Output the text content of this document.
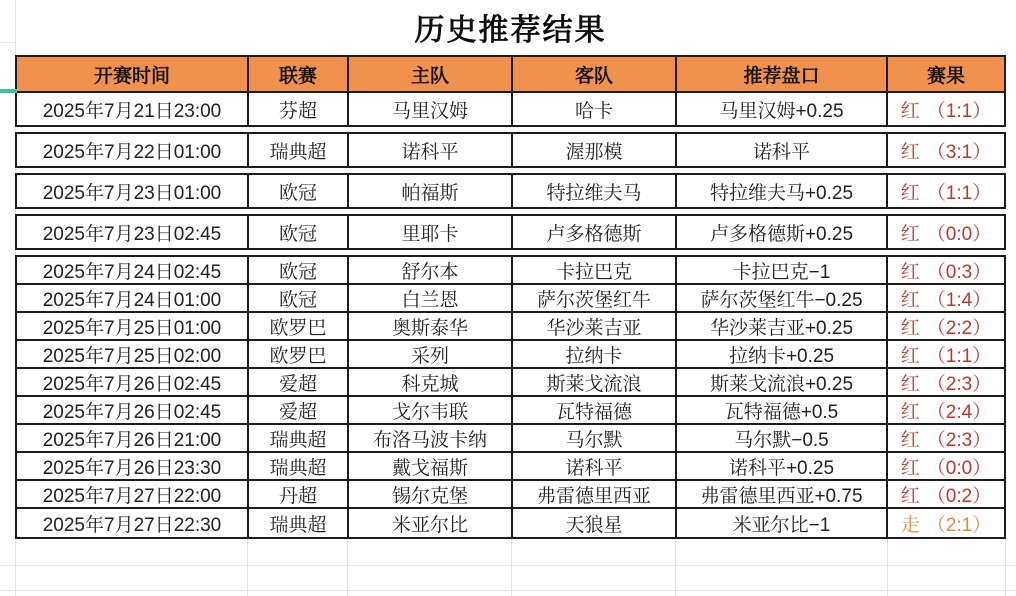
历史推荐结果
开赛时间	联赛	主队	客队	推荐盘口	赛果
2025年7月21日23:00	芬超	马里汉姆	哈卡	马里汉姆+0.25	红 （1:1）
2025年7月22日01:00	瑞典超	诺科平	渥那模	诺科平	红 （3:1）
2025年7月23日01:00	欧冠	帕福斯	特拉维夫马	特拉维夫马+0.25	红 （1:1）
2025年7月23日02:45	欧冠	里耶卡	卢多格德斯	卢多格德斯+0.25	红 （0:0）
2025年7月24日02:45	欧冠	舒尔本	卡拉巴克	卡拉巴克−1	红 （0:3）
2025年7月24日01:00	欧冠	白兰恩	萨尔茨堡红牛	萨尔茨堡红牛−0.25	红 （1:4）
2025年7月25日01:00	欧罗巴	奥斯泰华	华沙莱吉亚	华沙莱吉亚+0.25	红 （2:2）
2025年7月25日02:00	欧罗巴	采列	拉纳卡	拉纳卡+0.25	红 （1:1）
2025年7月26日02:45	爱超	科克城	斯莱戈流浪	斯莱戈流浪+0.25	红 （2:3）
2025年7月26日02:45	爱超	戈尔韦联	瓦特福德	瓦特福德+0.5	红 （2:4）
2025年7月26日21:00	瑞典超	布洛马波卡纳	马尔默	马尔默−0.5	红 （2:3）
2025年7月26日23:30	瑞典超	戴戈福斯	诺科平	诺科平+0.25	红 （0:0）
2025年7月27日22:00	丹超	锡尔克堡	弗雷德里西亚	弗雷德里西亚+0.75	红 （0:2）
2025年7月27日22:30	瑞典超	米亚尔比	天狼星	米亚尔比−1	走 （2:1）
